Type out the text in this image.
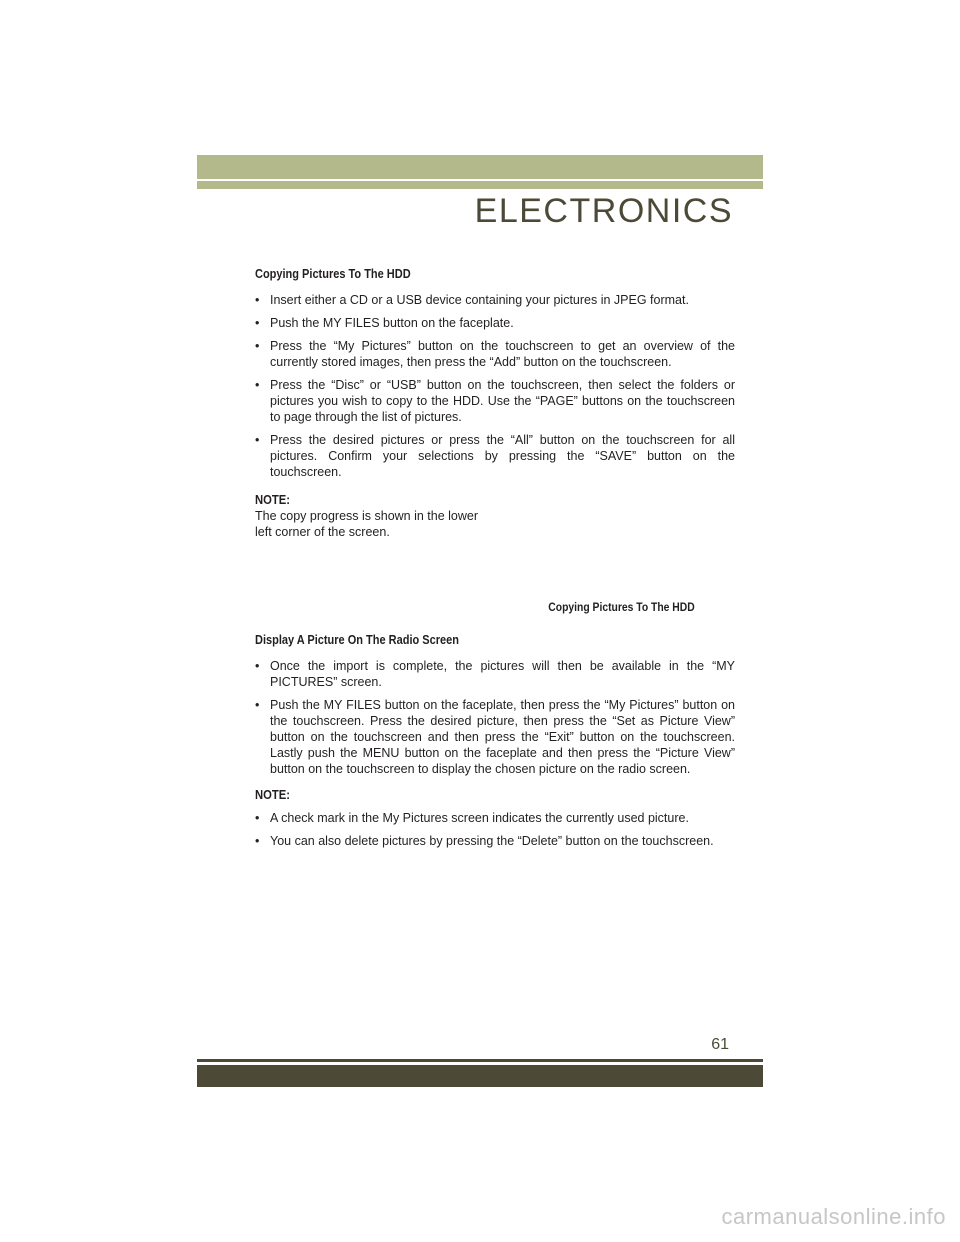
ELECTRONICS
Copying Pictures To The HDD
• Insert either a CD or a USB device containing your pictures in JPEG format.
• Push the MY FILES button on the faceplate.
• Press the “My Pictures” button on the touchscreen to get an overview of the currently stored images, then press the “Add” button on the touchscreen.
• Press the “Disc” or “USB” button on the touchscreen, then select the folders or pictures you wish to copy to the HDD. Use the “PAGE” buttons on the touchscreen to page through the list of pictures.
• Press the desired pictures or press the “All” button on the touchscreen for all pictures. Confirm your selections by pressing the “SAVE” button on the touchscreen.
NOTE:

The copy progress is shown in the lower left corner of the screen.

Copying Pictures To The HDD
Display A Picture On The Radio Screen
• Once the import is complete, the pictures will then be available in the “MY PICTURES” screen.
• Push the MY FILES button on the faceplate, then press the “My Pictures” button on the touchscreen. Press the desired picture, then press the “Set as Picture View” button on the touchscreen and then press the “Exit” button on the touchscreen. Lastly push the MENU button on the faceplate and then press the “Picture View” button on the touchscreen to display the chosen picture on the radio screen.
NOTE:
• A check mark in the My Pictures screen indicates the currently used picture.
• You can also delete pictures by pressing the “Delete” button on the touchscreen.
61
carmanualsonline.info
